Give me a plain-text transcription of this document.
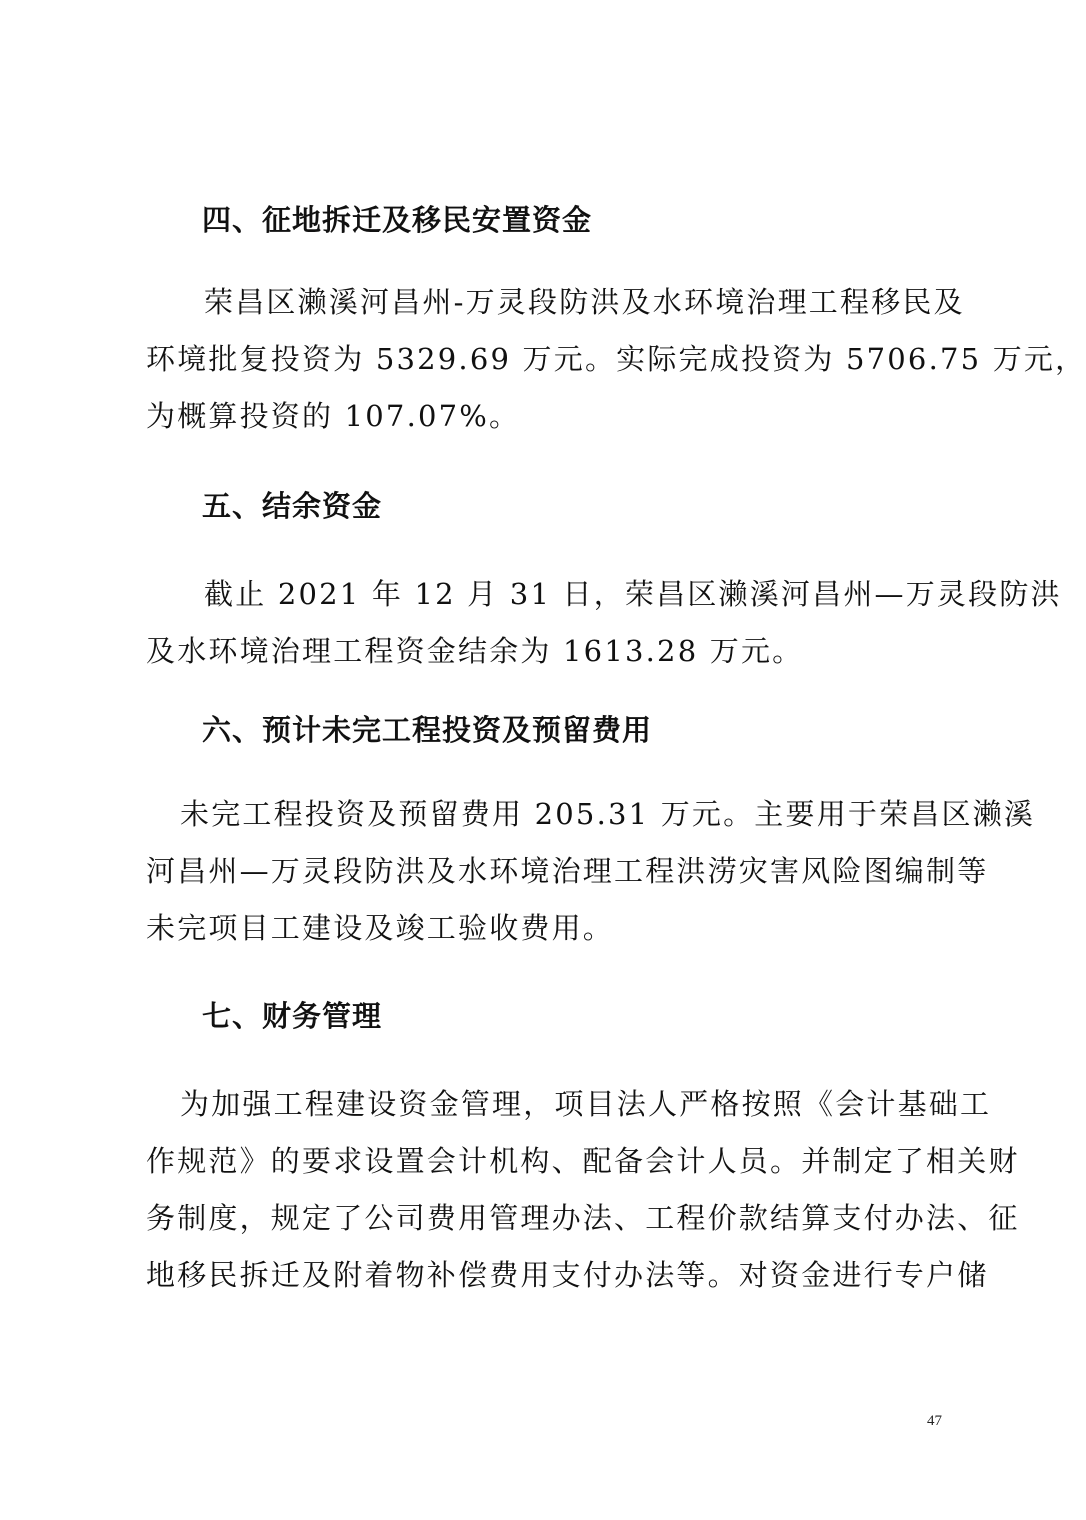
四、征地拆迁及移民安置资金
荣昌区濑溪河昌州-万灵段防洪及水环境治理工程移民及
环境批复投资为 5329.69 万元。实际完成投资为 5706.75 万元，
为概算投资的 107.07%。
五、结余资金
截止 2021 年 12 月 31 日，荣昌区濑溪河昌州—万灵段防洪
及水环境治理工程资金结余为 1613.28 万元。
六、预计未完工程投资及预留费用
未完工程投资及预留费用 205.31 万元。主要用于荣昌区濑溪
河昌州—万灵段防洪及水环境治理工程洪涝灾害风险图编制等
未完项目工建设及竣工验收费用。
七、财务管理
为加强工程建设资金管理，项目法人严格按照《会计基础工
作规范》的要求设置会计机构、配备会计人员。并制定了相关财
务制度，规定了公司费用管理办法、工程价款结算支付办法、征
地移民拆迁及附着物补偿费用支付办法等。对资金进行专户储
47
